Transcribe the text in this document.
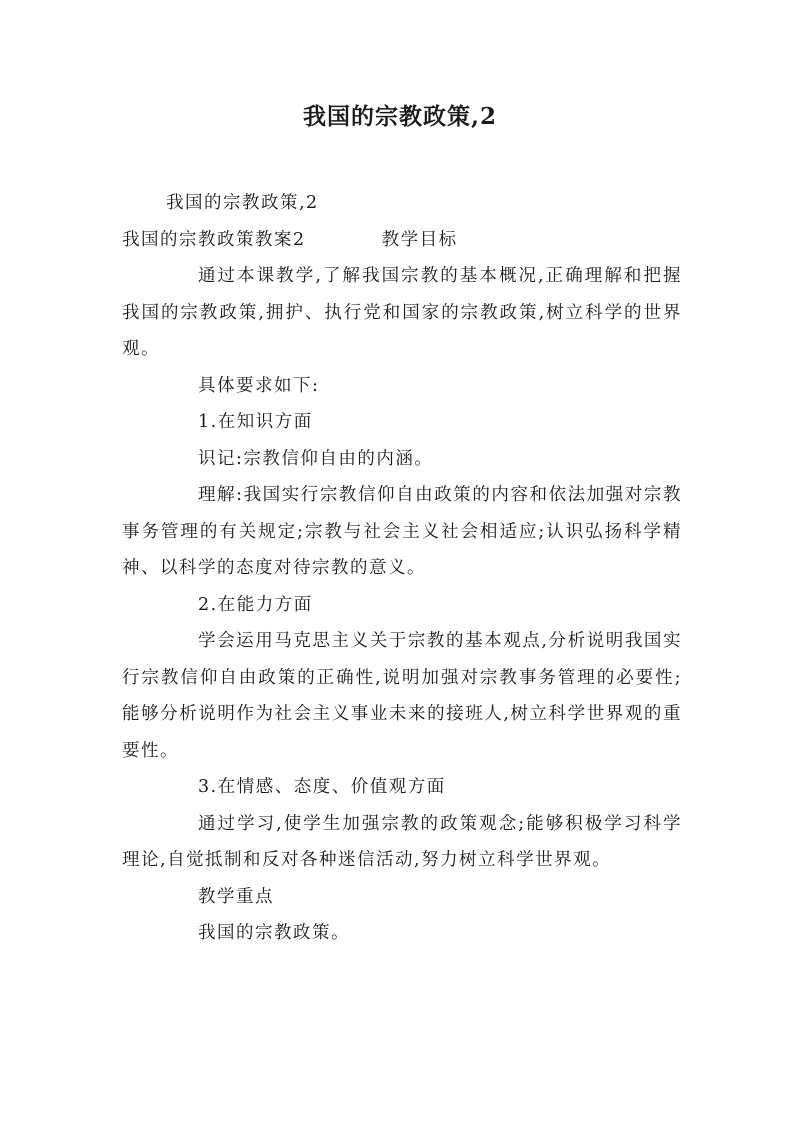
我国的宗教政策,2

我国的宗教政策,2

我国的宗教政策教案2	教学目标

通过本课教学,了解我国宗教的基本概况,正确理解和把握我国的宗教政策,拥护、执行党和国家的宗教政策,树立科学的世界观。

具体要求如下:

1.在知识方面

识记:宗教信仰自由的内涵。

理解:我国实行宗教信仰自由政策的内容和依法加强对宗教事务管理的有关规定;宗教与社会主义社会相适应;认识弘扬科学精神、以科学的态度对待宗教的意义。

2.在能力方面

学会运用马克思主义关于宗教的基本观点,分析说明我国实行宗教信仰自由政策的正确性,说明加强对宗教事务管理的必要性;能够分析说明作为社会主义事业未来的接班人,树立科学世界观的重要性。

3.在情感、态度、价值观方面

通过学习,使学生加强宗教的政策观念;能够积极学习科学理论,自觉抵制和反对各种迷信活动,努力树立科学世界观。

教学重点

我国的宗教政策。
